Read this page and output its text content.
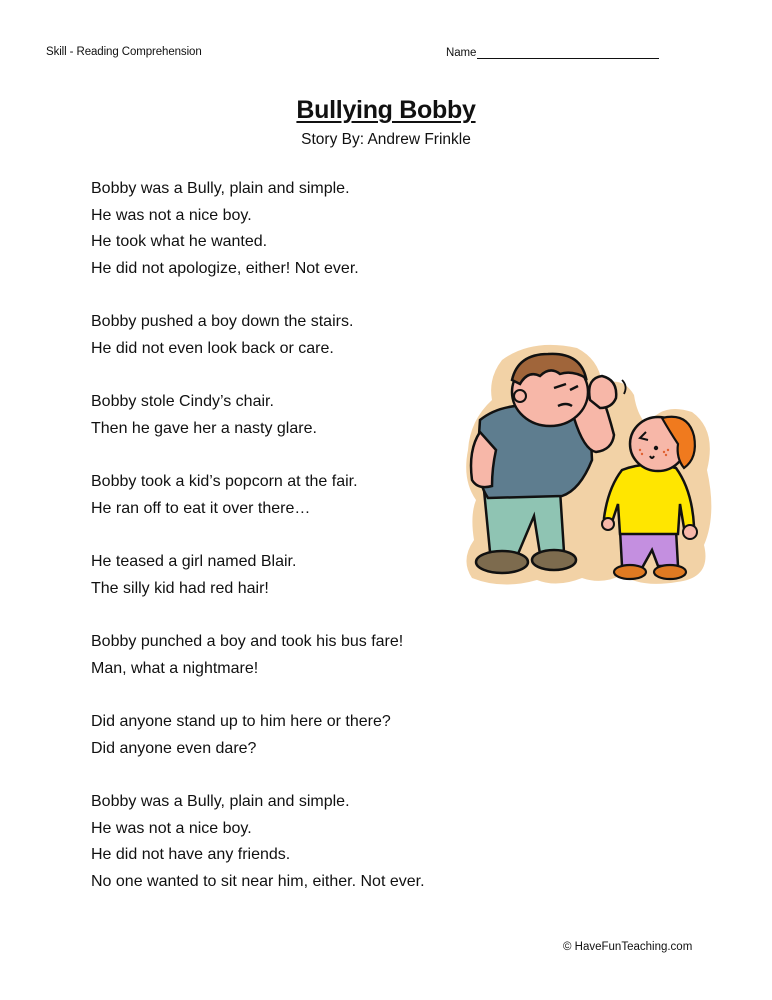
Skill - Reading Comprehension	Name
Bullying Bobby
Story By: Andrew Frinkle
Bobby was a Bully, plain and simple.
He was not a nice boy.
He took what he wanted.
He did not apologize, either! Not ever.
Bobby pushed a boy down the stairs.
He did not even look back or care.
Bobby stole Cindy’s chair.
Then he gave her a nasty glare.
Bobby took a kid’s popcorn at the fair.
He ran off to eat it over there…
He teased a girl named Blair.
The silly kid had red hair!
Bobby punched a boy and took his bus fare!
Man, what a nightmare!
Did anyone stand up to him here or there?
Did anyone even dare?
Bobby was a Bully, plain and simple.
He was not a nice boy.
He did not have any friends.
No one wanted to sit near him, either. Not ever.
© HaveFunTeaching.com
